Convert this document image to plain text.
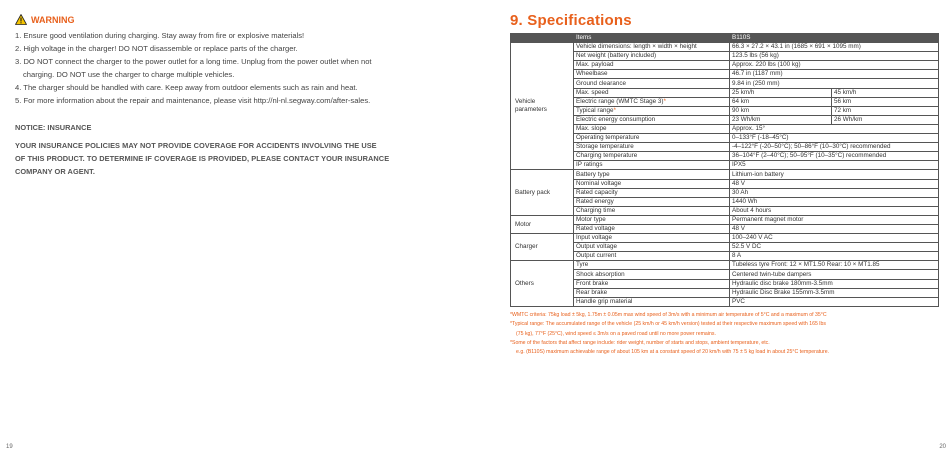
WARNING
1. Ensure good ventilation during charging. Stay away from fire or explosive materials!
2. High voltage in the charger! DO NOT disassemble or replace parts of the charger.
3. DO NOT connect the charger to the power outlet for a long time. Unplug from the power outlet when not
charging. DO NOT use the charger to charge multiple vehicles.
4. The charger should be handled with care. Keep away from outdoor elements such as rain and heat.
5. For more information about the repair and maintenance, please visit http://nl-nl.segway.com/after-sales.
NOTICE: INSURANCE
YOUR INSURANCE POLICIES MAY NOT PROVIDE COVERAGE FOR ACCIDENTS INVOLVING THE USE
OF THIS PRODUCT. TO DETERMINE IF COVERAGE IS PROVIDED, PLEASE CONTACT YOUR INSURANCE
COMPANY OR AGENT.
19
9. Specifications
	Items	B110S	

Vehicle parameters	Vehicle dimensions: length × width × height	66.3 × 27.2 × 43.1 in (1685 × 691 × 1095 mm)	
	Net weight (battery included)	123.5 lbs (56 kg)	
	Max. payload	Approx. 220 lbs (100 kg)	
	Wheelbase	46.7 in (1187 mm)	
	Ground clearance	9.84 in (250 mm)	
	Max. speed	25 km/h	45 km/h
	Electric range (WMTC Stage 3)*	64 km	56 km
	Typical range*	90 km	72 km
	Electric energy consumption	23 Wh/km	26 Wh/km
	Max. slope	Approx. 15°	
	Operating temperature	0–133°F (-18–45°C)	
	Storage temperature	-4–122°F (-20–50°C); 50–86°F (10–30°C) recommended	
	Charging temperature	36–104°F (2–40°C); 50–95°F (10–35°C) recommended	
	IP ratings	IPX5	
Battery pack	Battery type	Lithium-ion battery	
	Nominal voltage	48 V	
	Rated capacity	30 Ah	
	Rated energy	1440 Wh	
	Charging time	About 4 hours	
Motor	Motor type	Permanent magnet motor	
	Rated voltage	48 V	
Charger	Input voltage	100–240 V AC	
	Output voltage	52.5 V DC	
	Output current	8 A	
Others	Tyre	Tubeless tyre Front: 12 × MT1.50 Rear: 10 × MT1.85	
	Shock absorption	Centered twin-tube dampers	
	Front brake	Hydraulic disc brake 180mm-3.5mm	
	Rear brake	Hydraulic Disc Brake 155mm-3.5mm	
	Handle grip material	PVC	
*WMTC criteria: 75kg load ± 5kg, 1.75m ± 0.05m max wind speed of 3m/s with a minimum air temperature of 5°C and a maximum of 35°C
*Typical range: The accumulated range of the vehicle (25 km/h or 45 km/h version) tested at their respective maximum speed with 165 lbs
(75 kg), 77°F (25°C), wind speed ≤ 3m/s on a paved road until no more power remains.
*Some of the factors that affect range include: rider weight, number of starts and stops, ambient temperature, etc.
e.g. (B110S) maximum achievable range of about 105 km at a constant speed of 20 km/h with 75 ± 5 kg load in about 25°C temperature.
20
